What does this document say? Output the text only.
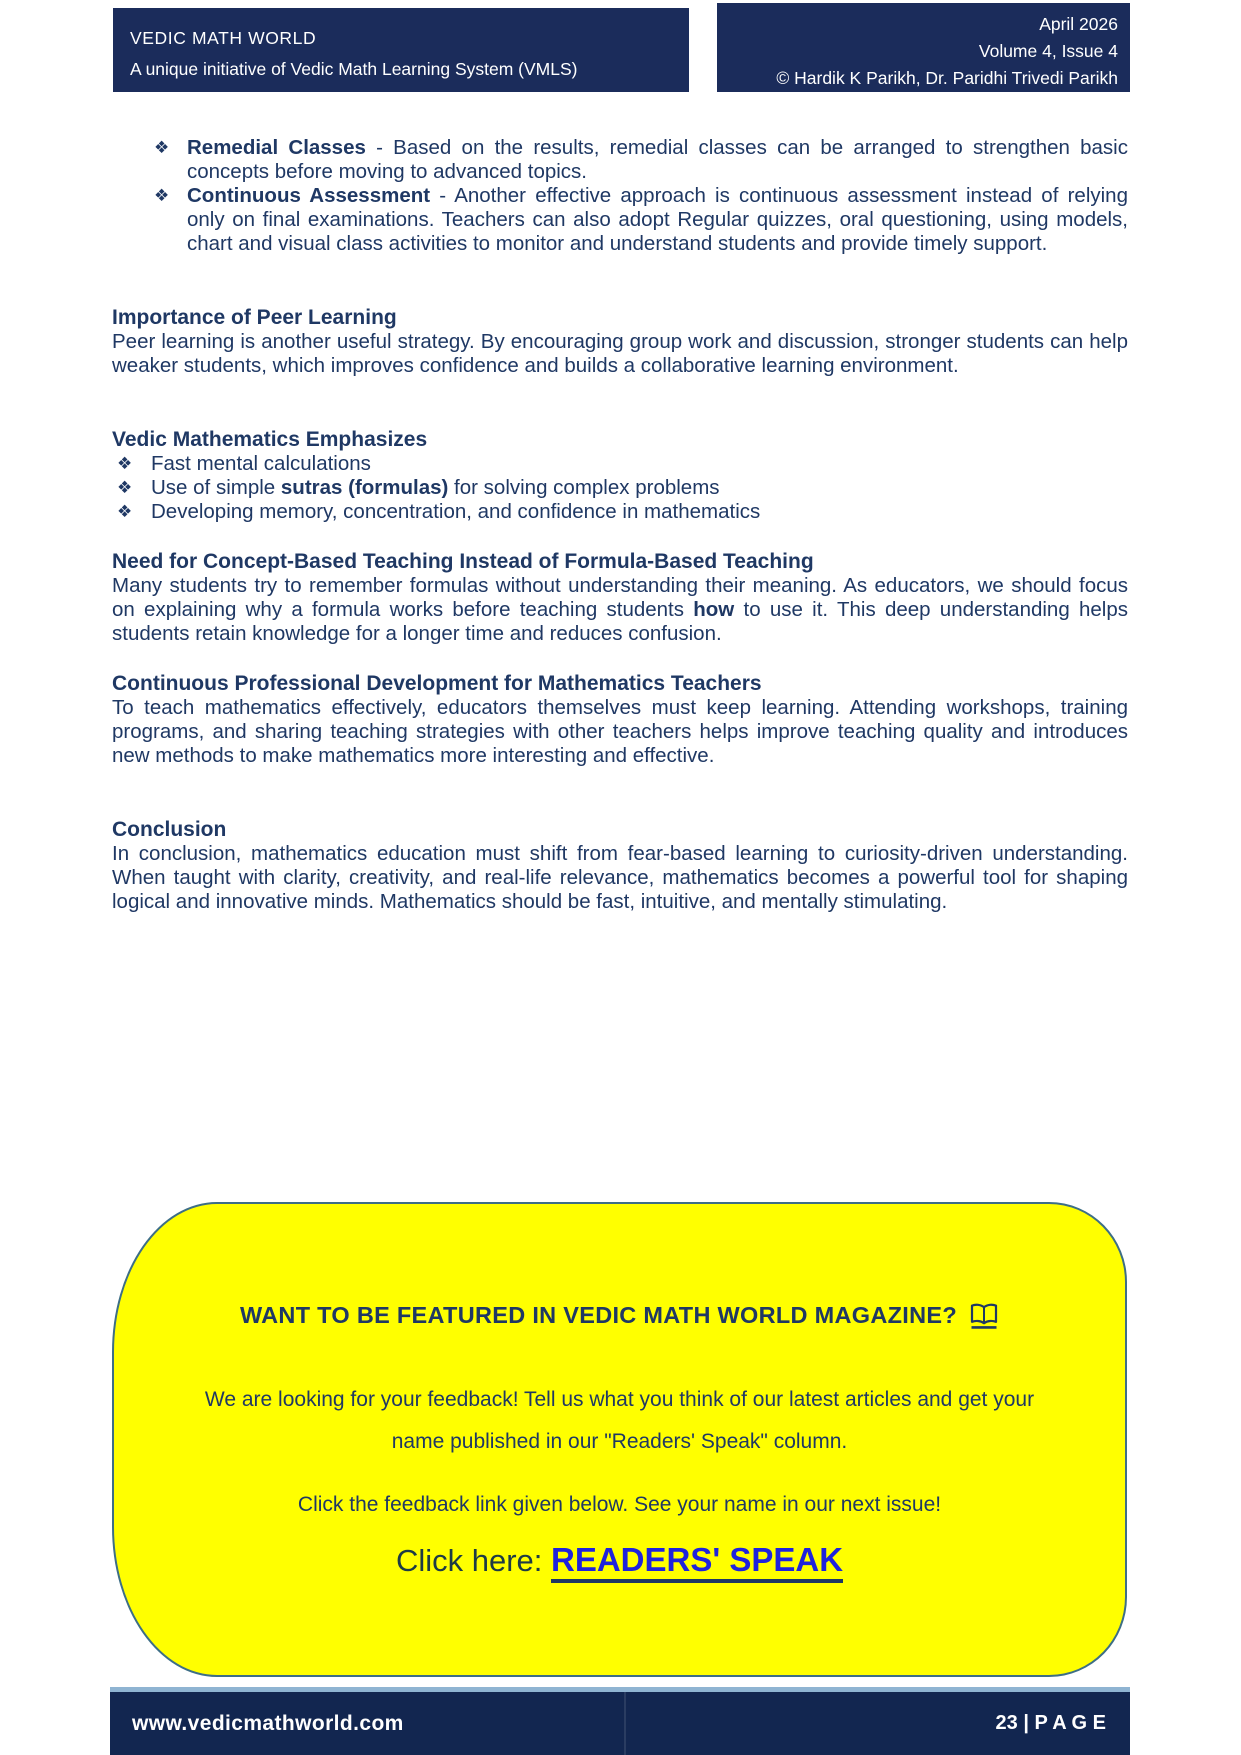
VEDIC MATH WORLD
A unique initiative of Vedic Math Learning System (VMLS)
April 2026
Volume 4, Issue 4
© Hardik K Parikh, Dr. Paridhi Trivedi Parikh
❖ Remedial Classes - Based on the results, remedial classes can be arranged to strengthen basic concepts before moving to advanced topics.
❖ Continuous Assessment - Another effective approach is continuous assessment instead of relying only on final examinations. Teachers can also adopt Regular quizzes, oral questioning, using models, chart and visual class activities to monitor and understand students and provide timely support.
Importance of Peer Learning

Peer learning is another useful strategy. By encouraging group work and discussion, stronger students can help weaker students, which improves confidence and builds a collaborative learning environment.

Vedic Mathematics Emphasizes
❖ Fast mental calculations
❖ Use of simple sutras (formulas) for solving complex problems
❖ Developing memory, concentration, and confidence in mathematics
Need for Concept-Based Teaching Instead of Formula-Based Teaching

Many students try to remember formulas without understanding their meaning. As educators, we should focus on explaining why a formula works before teaching students how to use it. This deep understanding helps students retain knowledge for a longer time and reduces confusion.

Continuous Professional Development for Mathematics Teachers

To teach mathematics effectively, educators themselves must keep learning. Attending workshops, training programs, and sharing teaching strategies with other teachers helps improve teaching quality and introduces new methods to make mathematics more interesting and effective.

Conclusion

In conclusion, mathematics education must shift from fear-based learning to curiosity-driven understanding. When taught with clarity, creativity, and real-life relevance, mathematics becomes a powerful tool for shaping logical and innovative minds. Mathematics should be fast, intuitive, and mentally stimulating.

WANT TO BE FEATURED IN VEDIC MATH WORLD MAGAZINE?

We are looking for your feedback! Tell us what you think of our latest articles and get your name published in our "Readers' Speak" column.

Click the feedback link given below. See your name in our next issue!

Click here: READERS' SPEAK

www.vedicmathworld.com	23 | P A G E
